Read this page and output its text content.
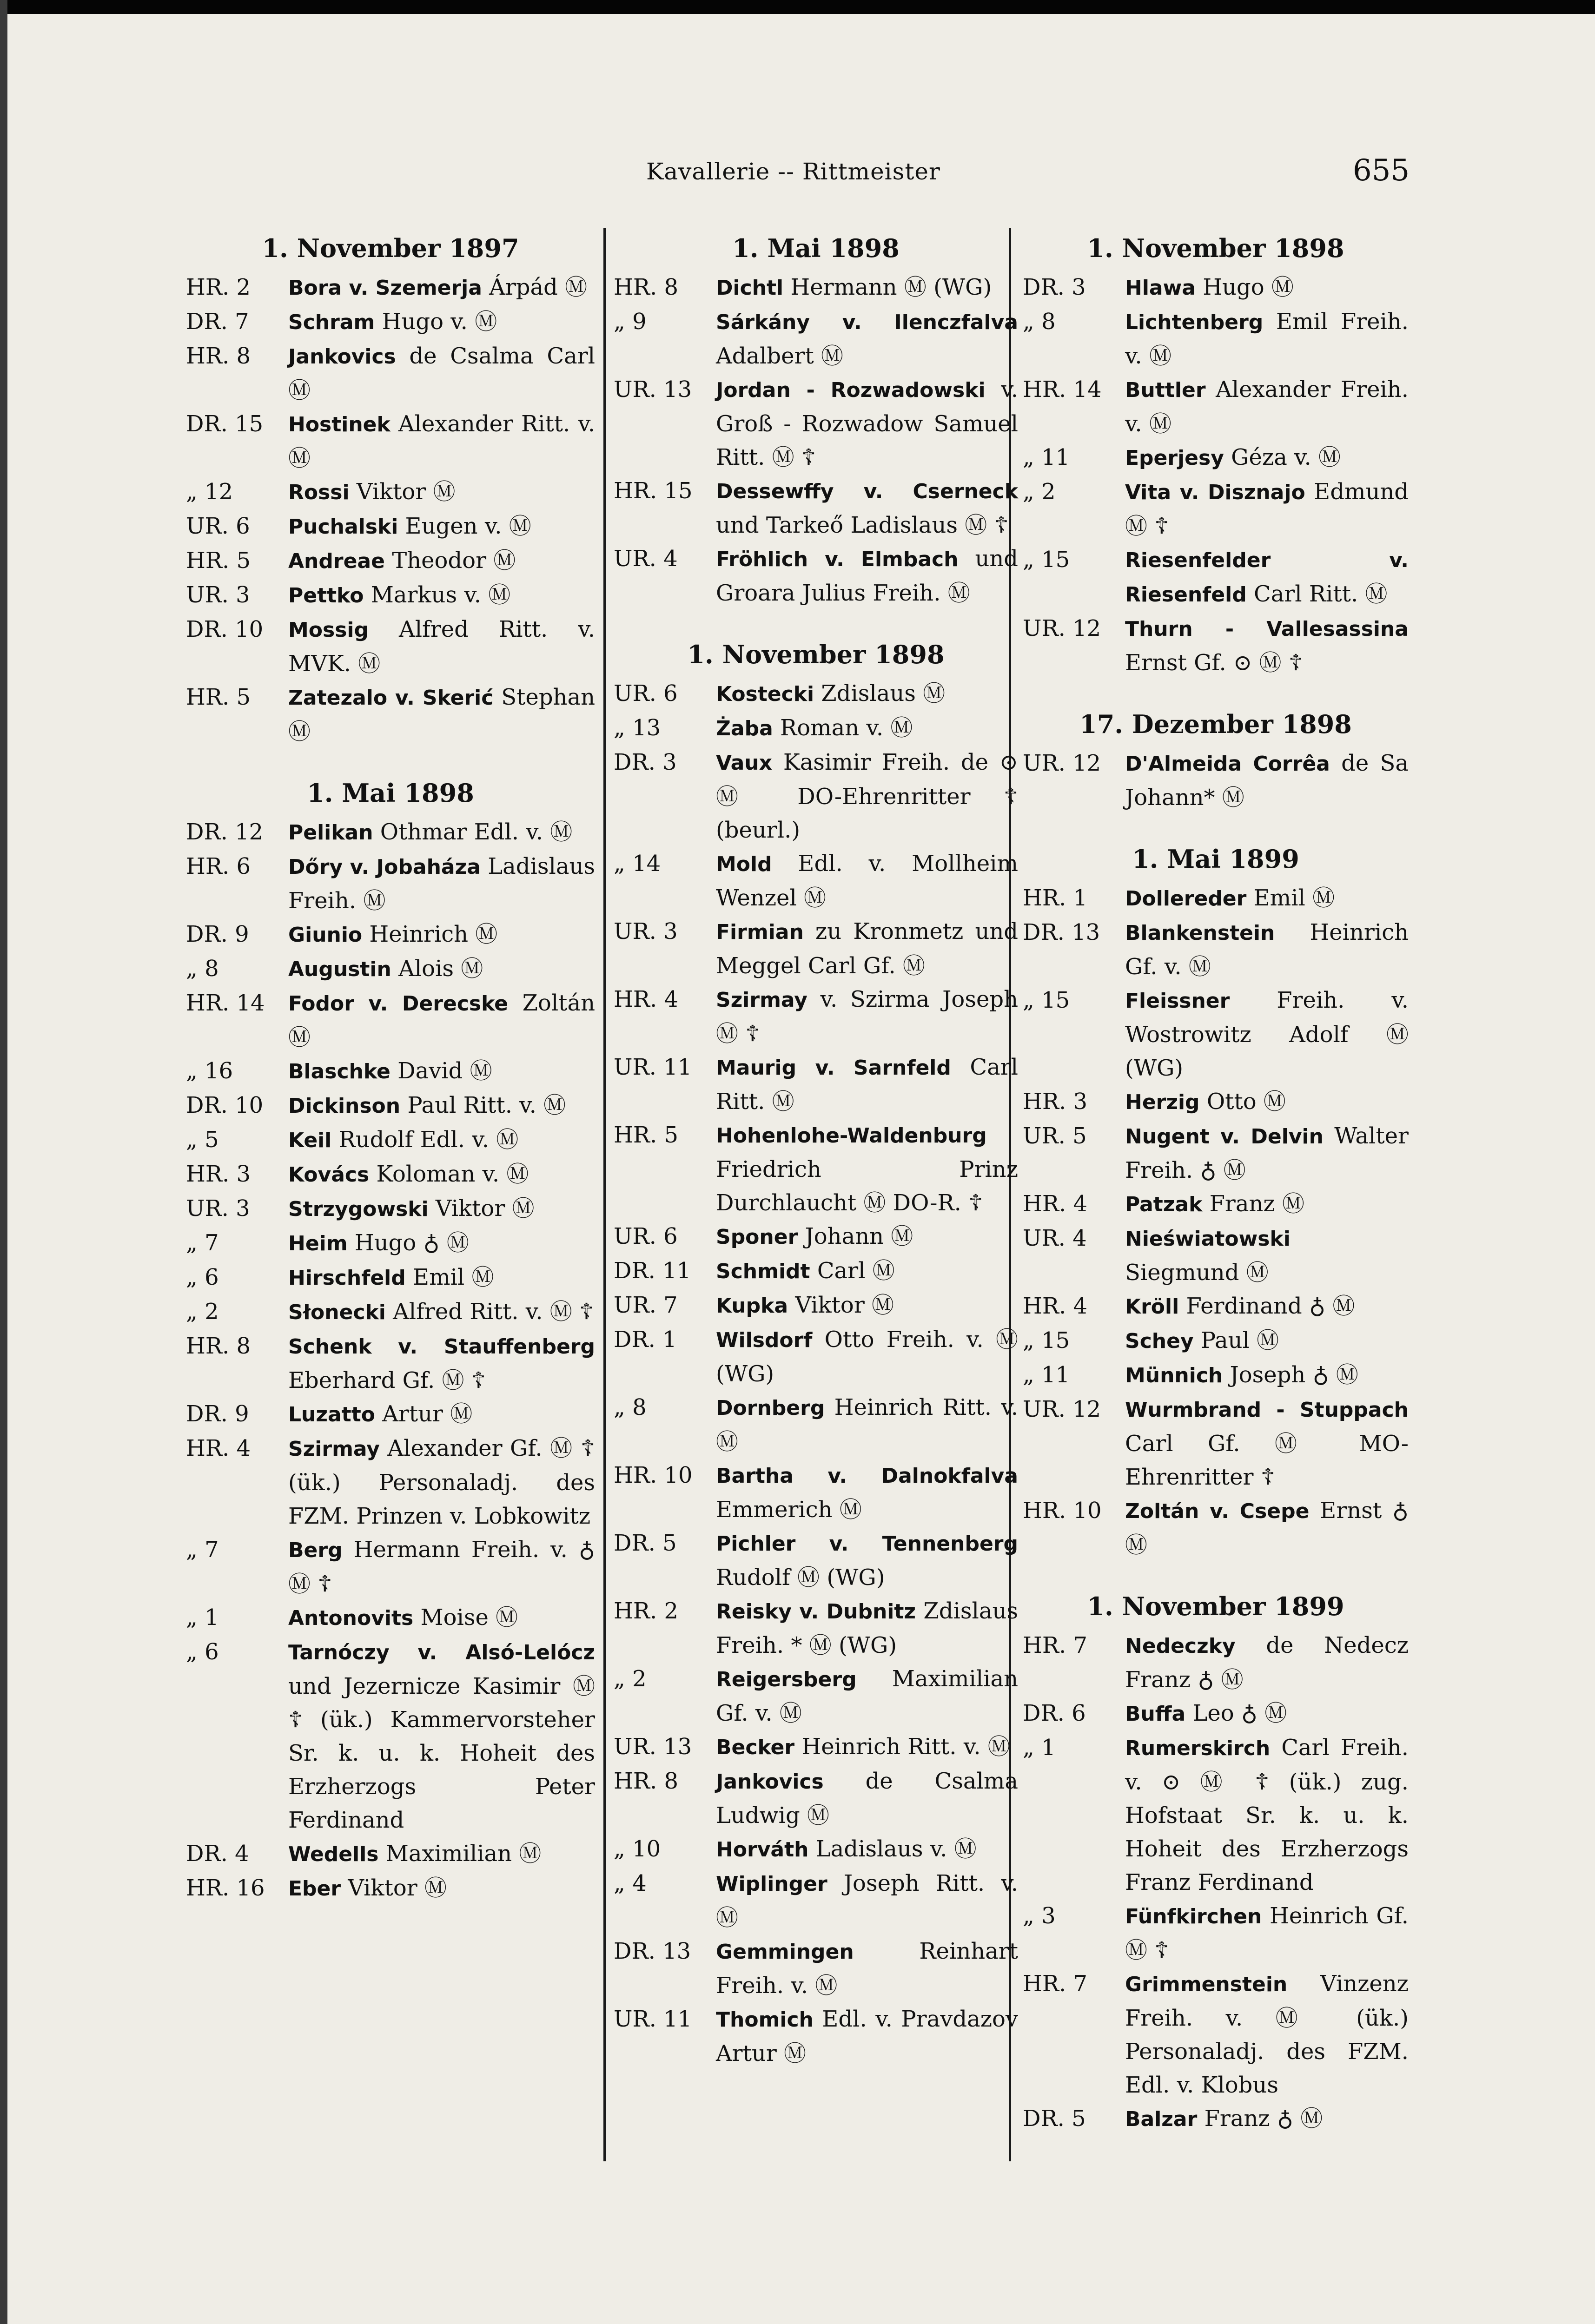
Kavallerie -- Rittmeister	655
1. November 1897
HR. 2	Bora v. Szemerja Árpád Ⓜ
DR. 7	Schram Hugo v. Ⓜ
HR. 8	Jankovics de Csalma Carl Ⓜ
DR. 15	Hostinek Alexander Ritt. v. Ⓜ
„ 12	Rossi Viktor Ⓜ
UR. 6	Puchalski Eugen v. Ⓜ
HR. 5	Andreae Theodor Ⓜ
UR. 3	Pettko Markus v. Ⓜ
DR. 10	Mossig Alfred Ritt. v. MVK. Ⓜ
HR. 5	Zatezalo v. Skerić Stephan Ⓜ
1. Mai 1898
DR. 12	Pelikan Othmar Edl. v. Ⓜ
HR. 6	Dőry v. Jobaháza Ladislaus Freih. Ⓜ
DR. 9	Giunio Heinrich Ⓜ
„ 8	Augustin Alois Ⓜ
HR. 14	Fodor v. Derecske Zoltán Ⓜ
„ 16	Blaschke David Ⓜ
DR. 10	Dickinson Paul Ritt. v. Ⓜ
„ 5	Keil Rudolf Edl. v. Ⓜ
HR. 3	Kovács Koloman v. Ⓜ
UR. 3	Strzygowski Viktor Ⓜ
„ 7	Heim Hugo ♁ Ⓜ
„ 6	Hirschfeld Emil Ⓜ
„ 2	Słonecki Alfred Ritt. v. Ⓜ ☦
HR. 8	Schenk v. Stauffenberg Eberhard Gf. Ⓜ ☦
DR. 9	Luzatto Artur Ⓜ
HR. 4	Szirmay Alexander Gf. Ⓜ ☦ (ük.) Personaladj. des FZM. Prinzen v. Lobkowitz
„ 7	Berg Hermann Freih. v. ♁ Ⓜ ☦
„ 1	Antonovits Moise Ⓜ
„ 6	Tarnóczy v. Alsó-Lelócz und Jezernicze Kasimir Ⓜ ☦ (ük.) Kammervorsteher Sr. k. u. k. Hoheit des Erzherzogs Peter Ferdinand
DR. 4	Wedells Maximilian Ⓜ
HR. 16	Eber Viktor Ⓜ
1. Mai 1898
HR. 8	Dichtl Hermann Ⓜ (WG)
„ 9	Sárkány v. Ilenczfalva Adalbert Ⓜ
UR. 13	Jordan - Rozwadowski v. Groß - Rozwadow Samuel Ritt. Ⓜ ☦
HR. 15	Dessewffy v. Cserneck und Tarkeő Ladislaus Ⓜ ☦
UR. 4	Fröhlich v. Elmbach und Groara Julius Freih. Ⓜ
1. November 1898
UR. 6	Kostecki Zdislaus Ⓜ
„ 13	Żaba Roman v. Ⓜ
DR. 3	Vaux Kasimir Freih. de ⊙ Ⓜ DO-Ehrenritter ☦ (beurl.)
„ 14	Mold Edl. v. Mollheim Wenzel Ⓜ
UR. 3	Firmian zu Kronmetz und Meggel Carl Gf. Ⓜ
HR. 4	Szirmay v. Szirma Joseph Ⓜ ☦
UR. 11	Maurig v. Sarnfeld Carl Ritt. Ⓜ
HR. 5	Hohenlohe-Waldenburg Friedrich Prinz Durchlaucht Ⓜ DO-R. ☦
UR. 6	Sponer Johann Ⓜ
DR. 11	Schmidt Carl Ⓜ
UR. 7	Kupka Viktor Ⓜ
DR. 1	Wilsdorf Otto Freih. v. Ⓜ (WG)
„ 8	Dornberg Heinrich Ritt. v. Ⓜ
HR. 10	Bartha v. Dalnokfalva Emmerich Ⓜ
DR. 5	Pichler v. Tennenberg Rudolf Ⓜ (WG)
HR. 2	Reisky v. Dubnitz Zdislaus Freih. * Ⓜ (WG)
„ 2	Reigersberg Maximilian Gf. v. Ⓜ
UR. 13	Becker Heinrich Ritt. v. Ⓜ
HR. 8	Jankovics de Csalma Ludwig Ⓜ
„ 10	Horváth Ladislaus v. Ⓜ
„ 4	Wiplinger Joseph Ritt. v. Ⓜ
DR. 13	Gemmingen Reinhart Freih. v. Ⓜ
UR. 11	Thomich Edl. v. Pravdazov Artur Ⓜ
1. November 1898
DR. 3	Hlawa Hugo Ⓜ
„ 8	Lichtenberg Emil Freih. v. Ⓜ
HR. 14	Buttler Alexander Freih. v. Ⓜ
„ 11	Eperjesy Géza v. Ⓜ
„ 2	Vita v. Disznajo Edmund Ⓜ ☦
„ 15	Riesenfelder v. Riesenfeld Carl Ritt. Ⓜ
UR. 12	Thurn - Vallesassina Ernst Gf. ⊙ Ⓜ ☦
17. Dezember 1898
UR. 12	D'Almeida Corrêa de Sa Johann* Ⓜ
1. Mai 1899
HR. 1	Dollereder Emil Ⓜ
DR. 13	Blankenstein Heinrich Gf. v. Ⓜ
„ 15	Fleissner Freih. v. Wostrowitz Adolf Ⓜ (WG)
HR. 3	Herzig Otto Ⓜ
UR. 5	Nugent v. Delvin Walter Freih. ♁ Ⓜ
HR. 4	Patzak Franz Ⓜ
UR. 4	Nieświatowski Siegmund Ⓜ
HR. 4	Kröll Ferdinand ♁ Ⓜ
„ 15	Schey Paul Ⓜ
„ 11	Münnich Joseph ♁ Ⓜ
UR. 12	Wurmbrand - Stuppach Carl Gf. Ⓜ MO-Ehrenritter ☦
HR. 10	Zoltán v. Csepe Ernst ♁ Ⓜ
1. November 1899
HR. 7	Nedeczky de Nedecz Franz ♁ Ⓜ
DR. 6	Buffa Leo ♁ Ⓜ
„ 1	Rumerskirch Carl Freih. v. ⊙ Ⓜ ☦ (ük.) zug. Hofstaat Sr. k. u. k. Hoheit des Erzherzogs Franz Ferdinand
„ 3	Fünfkirchen Heinrich Gf. Ⓜ ☦
HR. 7	Grimmenstein Vinzenz Freih. v. Ⓜ (ük.) Personaladj. des FZM. Edl. v. Klobus
DR. 5	Balzar Franz ♁ Ⓜ
